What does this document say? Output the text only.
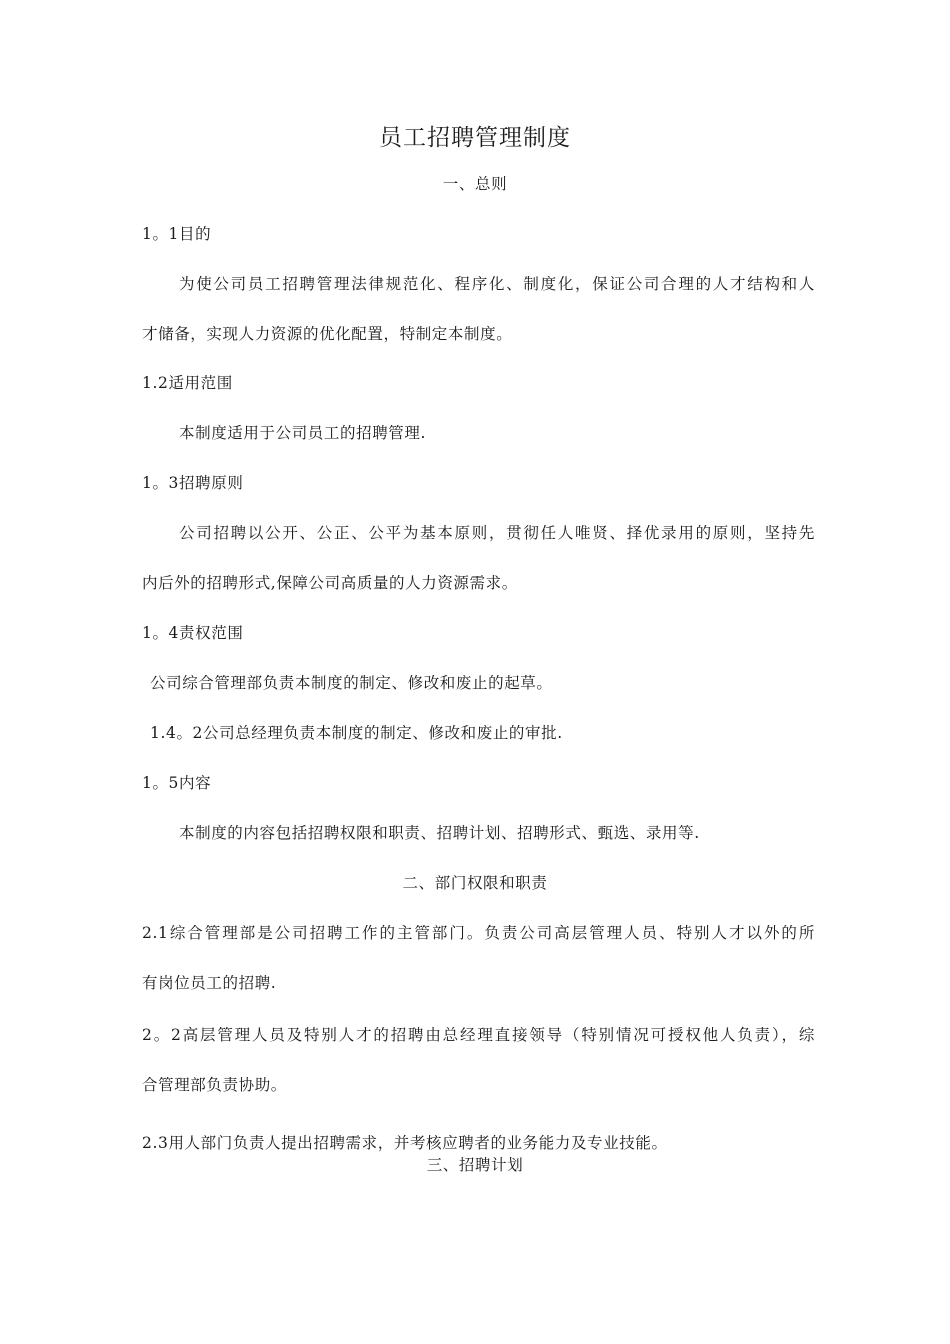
员工招聘管理制度
一、总则
1。1目的
为使公司员工招聘管理法律规范化、程序化、制度化，保证公司合理的人才结构和人
才储备，实现人力资源的优化配置，特制定本制度。
1.2适用范围
本制度适用于公司员工的招聘管理.
1。3招聘原则
公司招聘以公开、公正、公平为基本原则，贯彻任人唯贤、择优录用的原则，坚持先
内后外的招聘形式,保障公司高质量的人力资源需求。
1。4责权范围
公司综合管理部负责本制度的制定、修改和废止的起草。
1.4。2公司总经理负责本制度的制定、修改和废止的审批.
1。5内容
本制度的内容包括招聘权限和职责、招聘计划、招聘形式、甄选、录用等.
二、部门权限和职责
2.1综合管理部是公司招聘工作的主管部门。负责公司高层管理人员、特别人才以外的所
有岗位员工的招聘.
2。2高层管理人员及特别人才的招聘由总经理直接领导（特别情况可授权他人负责），综
合管理部负责协助。
2.3用人部门负责人提出招聘需求，并考核应聘者的业务能力及专业技能。
三、招聘计划
